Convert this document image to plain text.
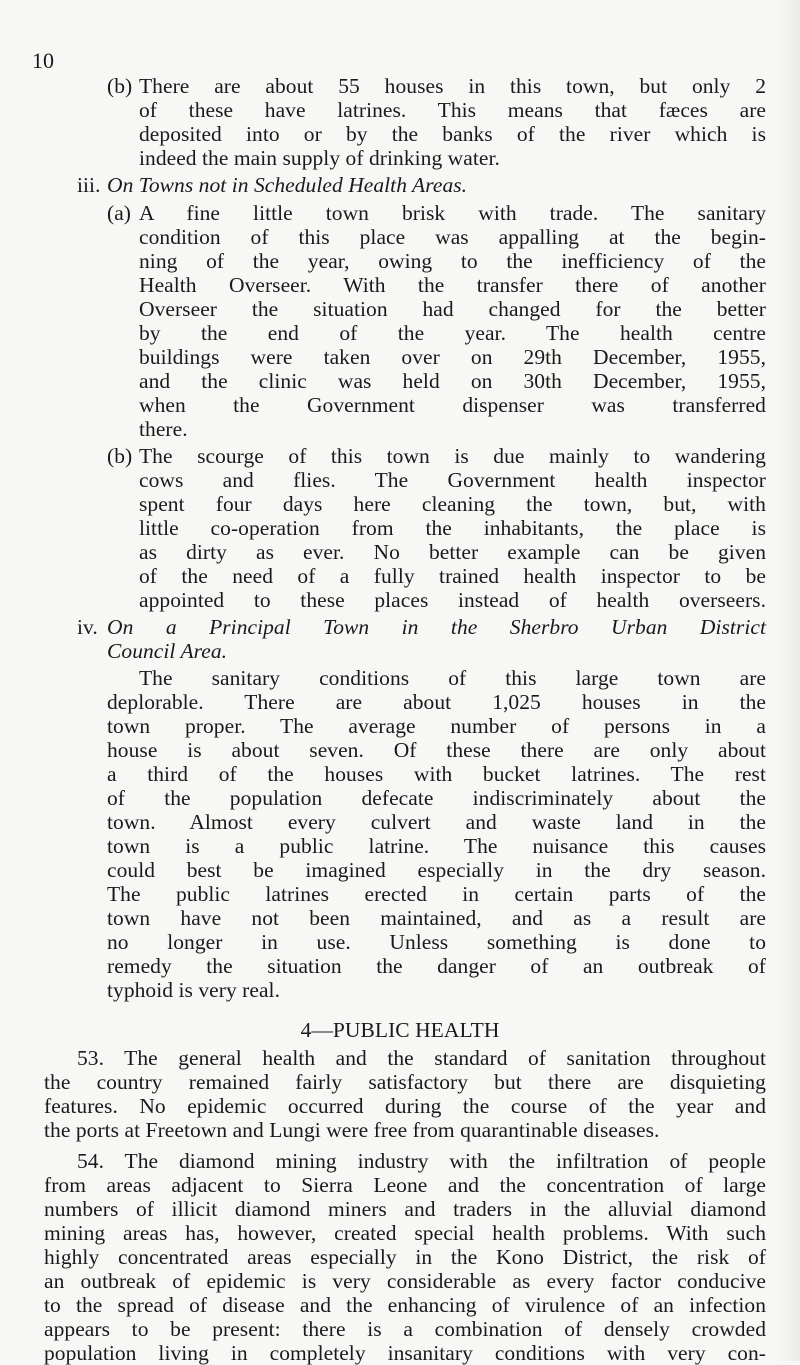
10
(b) There are about 55 houses in this town, but only 2
of these have latrines. This means that fæces are
deposited into or by the banks of the river which is
indeed the main supply of drinking water.
iii. On Towns not in Scheduled Health Areas.
(a) A fine little town brisk with trade. The sanitary
condition of this place was appalling at the begin-
ning of the year, owing to the inefficiency of the
Health Overseer. With the transfer there of another
Overseer the situation had changed for the better
by the end of the year. The health centre
buildings were taken over on 29th December, 1955,
and the clinic was held on 30th December, 1955,
when the Government dispenser was transferred
there.
(b) The scourge of this town is due mainly to wandering
cows and flies. The Government health inspector
spent four days here cleaning the town, but, with
little co-operation from the inhabitants, the place is
as dirty as ever. No better example can be given
of the need of a fully trained health inspector to be
appointed to these places instead of health overseers.
iv. On a Principal Town in the Sherbro Urban District
Council Area.
The sanitary conditions of this large town are
deplorable. There are about 1,025 houses in the
town proper. The average number of persons in a
house is about seven. Of these there are only about
a third of the houses with bucket latrines. The rest
of the population defecate indiscriminately about the
town. Almost every culvert and waste land in the
town is a public latrine. The nuisance this causes
could best be imagined especially in the dry season.
The public latrines erected in certain parts of the
town have not been maintained, and as a result are
no longer in use. Unless something is done to
remedy the situation the danger of an outbreak of
typhoid is very real.
4—PUBLIC HEALTH
53. The general health and the standard of sanitation throughout
the country remained fairly satisfactory but there are disquieting
features. No epidemic occurred during the course of the year and
the ports at Freetown and Lungi were free from quarantinable diseases.
54. The diamond mining industry with the infiltration of people
from areas adjacent to Sierra Leone and the concentration of large
numbers of illicit diamond miners and traders in the alluvial diamond
mining areas has, however, created special health problems. With such
highly concentrated areas especially in the Kono District, the risk of
an outbreak of epidemic is very considerable as every factor conducive
to the spread of disease and the enhancing of virulence of an infection
appears to be present: there is a combination of densely crowded
population living in completely insanitary conditions with very con-
